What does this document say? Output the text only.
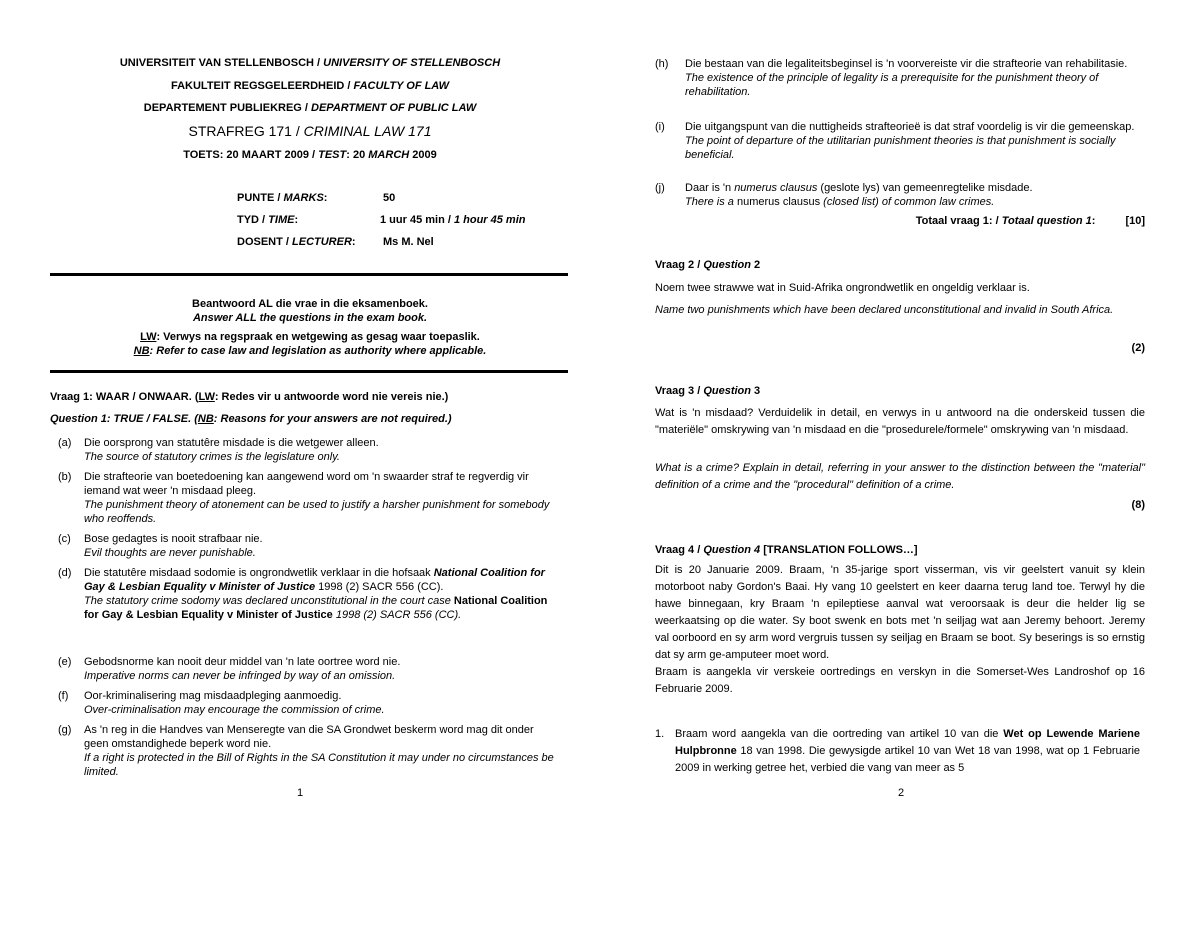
UNIVERSITEIT VAN STELLENBOSCH / UNIVERSITY OF STELLENBOSCH
FAKULTEIT REGSGELEERDHEID / FACULTY OF LAW
DEPARTEMENT PUBLIEKREG / DEPARTMENT OF PUBLIC LAW
STRAFREG 171 / CRIMINAL LAW 171
TOETS: 20 MAART 2009 / TEST: 20 MARCH 2009
PUNTE / MARKS:	50
TYD / TIME:	1 uur 45 min / 1 hour 45 min
DOSENT / LECTURER: Ms M. Nel
Beantwoord AL die vrae in die eksamenboek.
Answer ALL the questions in the exam book.
LW: Verwys na regspraak en wetgewing as gesag waar toepaslik.
NB: Refer to case law and legislation as authority where applicable.
Vraag 1: WAAR / ONWAAR. (LW: Redes vir u antwoorde word nie vereis nie.)
Question 1: TRUE / FALSE. (NB: Reasons for your answers are not required.)
(a) Die oorsprong van statutêre misdade is die wetgewer alleen.
The source of statutory crimes is the legislature only.
(b) Die strafteorie van boetedoening kan aangewend word om 'n swaarder straf te regverdig vir iemand wat weer 'n misdaad pleeg.
The punishment theory of atonement can be used to justify a harsher punishment for somebody who reoffends.
(c) Bose gedagtes is nooit strafbaar nie.
Evil thoughts are never punishable.
(d) Die statutêre misdaad sodomie is ongrondwetlik verklaar in die hofsaak National Coalition for Gay & Lesbian Equality v Minister of Justice 1998 (2) SACR 556 (CC).
The statutory crime sodomy was declared unconstitutional in the court case National Coalition for Gay & Lesbian Equality v Minister of Justice 1998 (2) SACR 556 (CC).
(e) Gebodsnorme kan nooit deur middel van 'n late oortree word nie.
Imperative norms can never be infringed by way of an omission.
(f) Oor-kriminalisering mag misdaadpleging aanmoedig.
Over-criminalisation may encourage the commission of crime.
(g) As 'n reg in die Handves van Menseregte van die SA Grondwet beskerm word mag dit onder geen omstandighede beperk word nie.
If a right is protected in the Bill of Rights in the SA Constitution it may under no circumstances be limited.
1
(h) Die bestaan van die legaliteitsbeginsel is 'n voorvereiste vir die strafteorie van rehabilitasie.
The existence of the principle of legality is a prerequisite for the punishment theory of rehabilitation.
(i) Die uitgangspunt van die nuttigheids strafteorieë is dat straf voordelig is vir die gemeenskap.
The point of departure of the utilitarian punishment theories is that punishment is socially beneficial.
(j) Daar is 'n numerus clausus (geslote lys) van gemeenregtelike misdade.
There is a numerus clausus (closed list) of common law crimes.
Totaal vraag 1: / Totaal question 1:	[10]
Vraag 2 / Question 2
Noem twee strawwe wat in Suid-Afrika ongrondwetlik en ongeldig verklaar is.
Name two punishments which have been declared unconstitutional and invalid in South Africa.
(2)
Vraag 3 / Question 3
Wat is 'n misdaad? Verduidelik in detail, en verwys in u antwoord na die onderskeid tussen die "materiële" omskrywing van 'n misdaad en die "prosedurele/formele" omskrywing van 'n misdaad.
What is a crime? Explain in detail, referring in your answer to the distinction between the "material" definition of a crime and the "procedural" definition of a crime.
(8)
Vraag 4 / Question 4 [TRANSLATION FOLLOWS…]
Dit is 20 Januarie 2009. Braam, 'n 35-jarige sport visserman, vis vir geelstert vanuit sy klein motorboot naby Gordon's Baai. Hy vang 10 geelstert en keer daarna terug land toe. Terwyl hy die hawe binnegaan, kry Braam 'n epileptiese aanval wat veroorsaak is deur die helder lig se weerkaatsing op die water. Sy boot swenk en bots met 'n seiljag wat aan Jeremy behoort. Jeremy val oorboord en sy arm word vergruis tussen sy seiljag en Braam se boot. Sy beserings is so ernstig dat sy arm ge-amputeer moet word.
Braam is aangekla vir verskeie oortredings en verskyn in die Somerset-Wes Landroshof op 16 Februarie 2009.
1. Braam word aangekla van die oortreding van artikel 10 van die Wet op Lewende Mariene Hulpbronne 18 van 1998. Die gewysigde artikel 10 van Wet 18 van 1998, wat op 1 Februarie 2009 in werking getree het, verbied die vang van meer as 5
2
